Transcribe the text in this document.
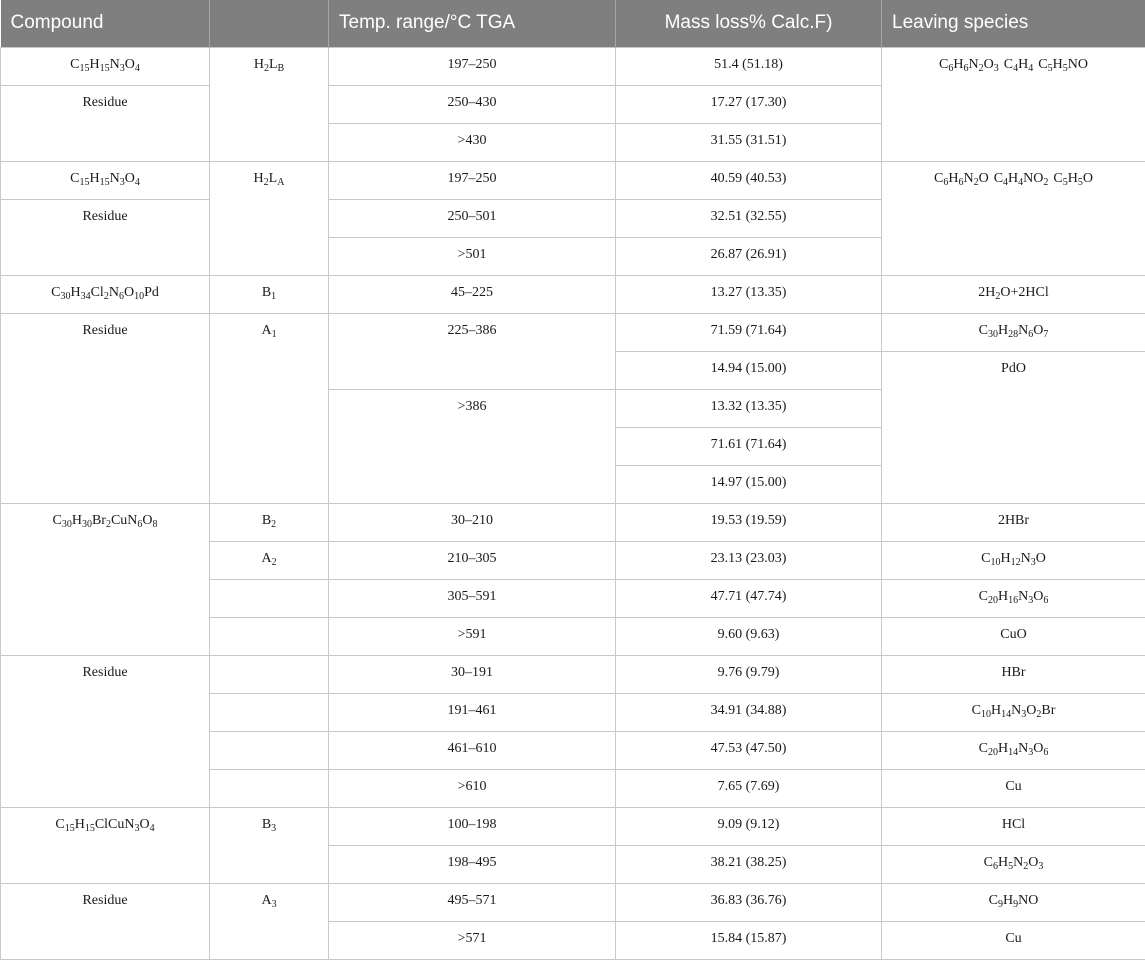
Compound		Temp. range/°C TGA	Mass loss% Calc.F)	Leaving species
$C_{15}H_{15}N_3O_4$	$H_2L_B$	197–250	51.4 (51.18)	$C_6H_6N_2O_3$ $C_4H_4$ $C_5H_5NO$
Residue		250–430	17.27 (17.30)	
		>430	31.55 (31.51)	
$C_{15}H_{15}N_3O_4$	$H_2L_A$	197–250	40.59 (40.53)	$C_6H_6N_2O$ $C_4H_4NO_2$ $C_5H_5O$
Residue		250–501	32.51 (32.55)	
		>501	26.87 (26.91)	
$C_{30}H_{34}Cl_2N_6O_{10}Pd$	$B_1$	45–225	13.27 (13.35)	$2H_2O+2HCl$
Residue	$A_1$	225–386	71.59 (71.64)	$C_{30}H_{28}N_6O_7$
			14.94 (15.00)	PdO
		>386	13.32 (13.35)	
			71.61 (71.64)	
			14.97 (15.00)	
$C_{30}H_{30}Br_2CuN_6O_8$	$B_2$	30–210	19.53 (19.59)	2HBr
	$A_2$	210–305	23.13 (23.03)	$C_{10}H_{12}N_3O$
		305–591	47.71 (47.74)	$C_{20}H_{16}N_3O_6$
		>591	9.60 (9.63)	CuO
Residue		30–191	9.76 (9.79)	HBr
		191–461	34.91 (34.88)	$C_{10}H_{14}N_3O_2Br$
		461–610	47.53 (47.50)	$C_{20}H_{14}N_3O_6$
		>610	7.65 (7.69)	Cu
$C_{15}H_{15}ClCuN_3O_4$	$B_3$	100–198	9.09 (9.12)	HCl
		198–495	38.21 (38.25)	$C_6H_5N_2O_3$
Residue	$A_3$	495–571	36.83 (36.76)	$C_9H_9NO$
		>571	15.84 (15.87)	Cu
